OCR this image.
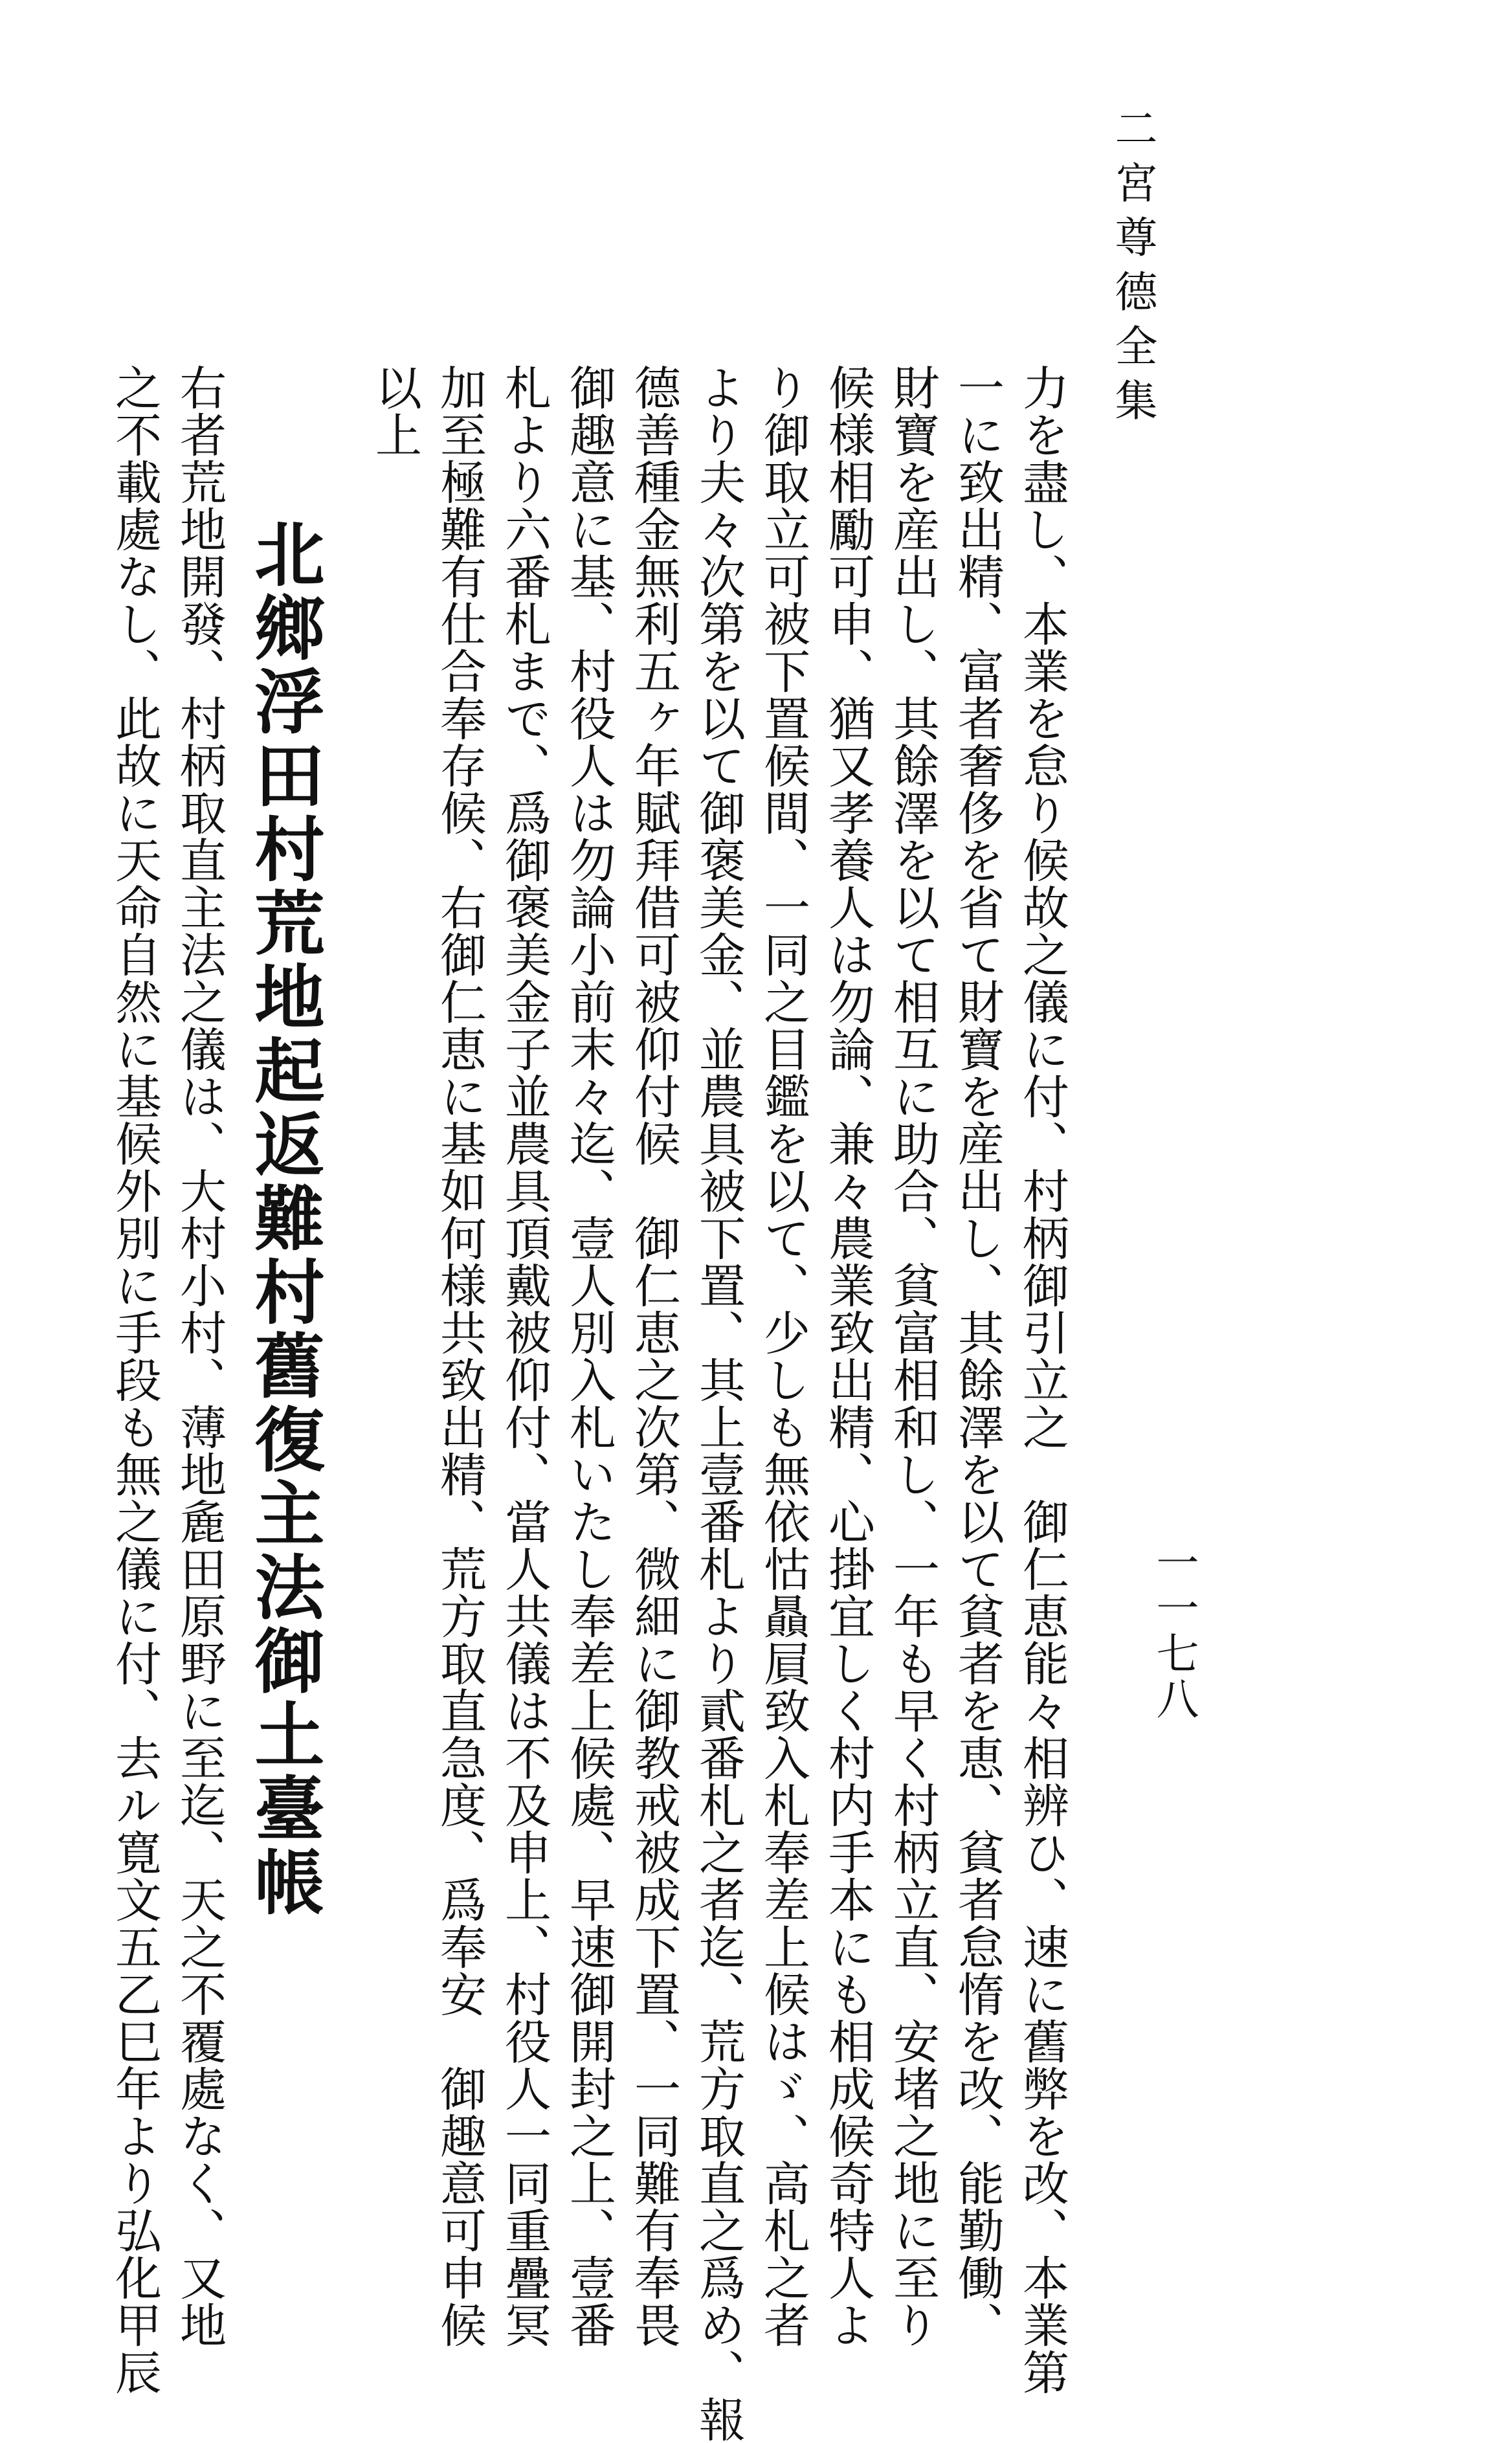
二宮尊德全集
一一七八
力を盡し、本業を怠り候故之儀に付、村柄御引立之　御仁恵能々相辨ひ、速に舊弊を改、本業第
一に致出精、富者奢侈を省て財寶を産出し、其餘澤を以て貧者を恵、貧者怠惰を改、能勤働、
財寶を産出し、其餘澤を以て相互に助合、貧富相和し、一年も早く村柄立直、安堵之地に至り
候様相勵可申、猶又孝養人は勿論、兼々農業致出精、心掛宜しく村内手本にも相成候奇特人よ
り御取立可被下置候間、一同之目鑑を以て、少しも無依怙贔屓致入札奉差上候はゞ、高札之者
より夫々次第を以て御褒美金、並農具被下置、其上壹番札より貳番札之者迄、荒方取直之爲め、報
德善種金無利五ヶ年賦拜借可被仰付候　御仁恵之次第、微細に御教戒被成下置、一同難有奉畏
御趣意に基、村役人は勿論小前末々迄、壹人別入札いたし奉差上候處、早速御開封之上、壹番
札より六番札まで、爲御褒美金子並農具頂戴被仰付、當人共儀は不及申上、村役人一同重疊冥
加至極難有仕合奉存候、右御仁恵に基如何様共致出精、荒方取直急度、爲奉安　御趣意可申候
以上
北鄉浮田村荒地起返難村舊復主法御土臺帳
右者荒地開發、村柄取直主法之儀は、大村小村、薄地麁田原野に至迄、天之不覆處なく、又地
之不載處なし、此故に天命自然に基候外別に手段も無之儀に付、去ル寛文五乙巳年より弘化甲辰
